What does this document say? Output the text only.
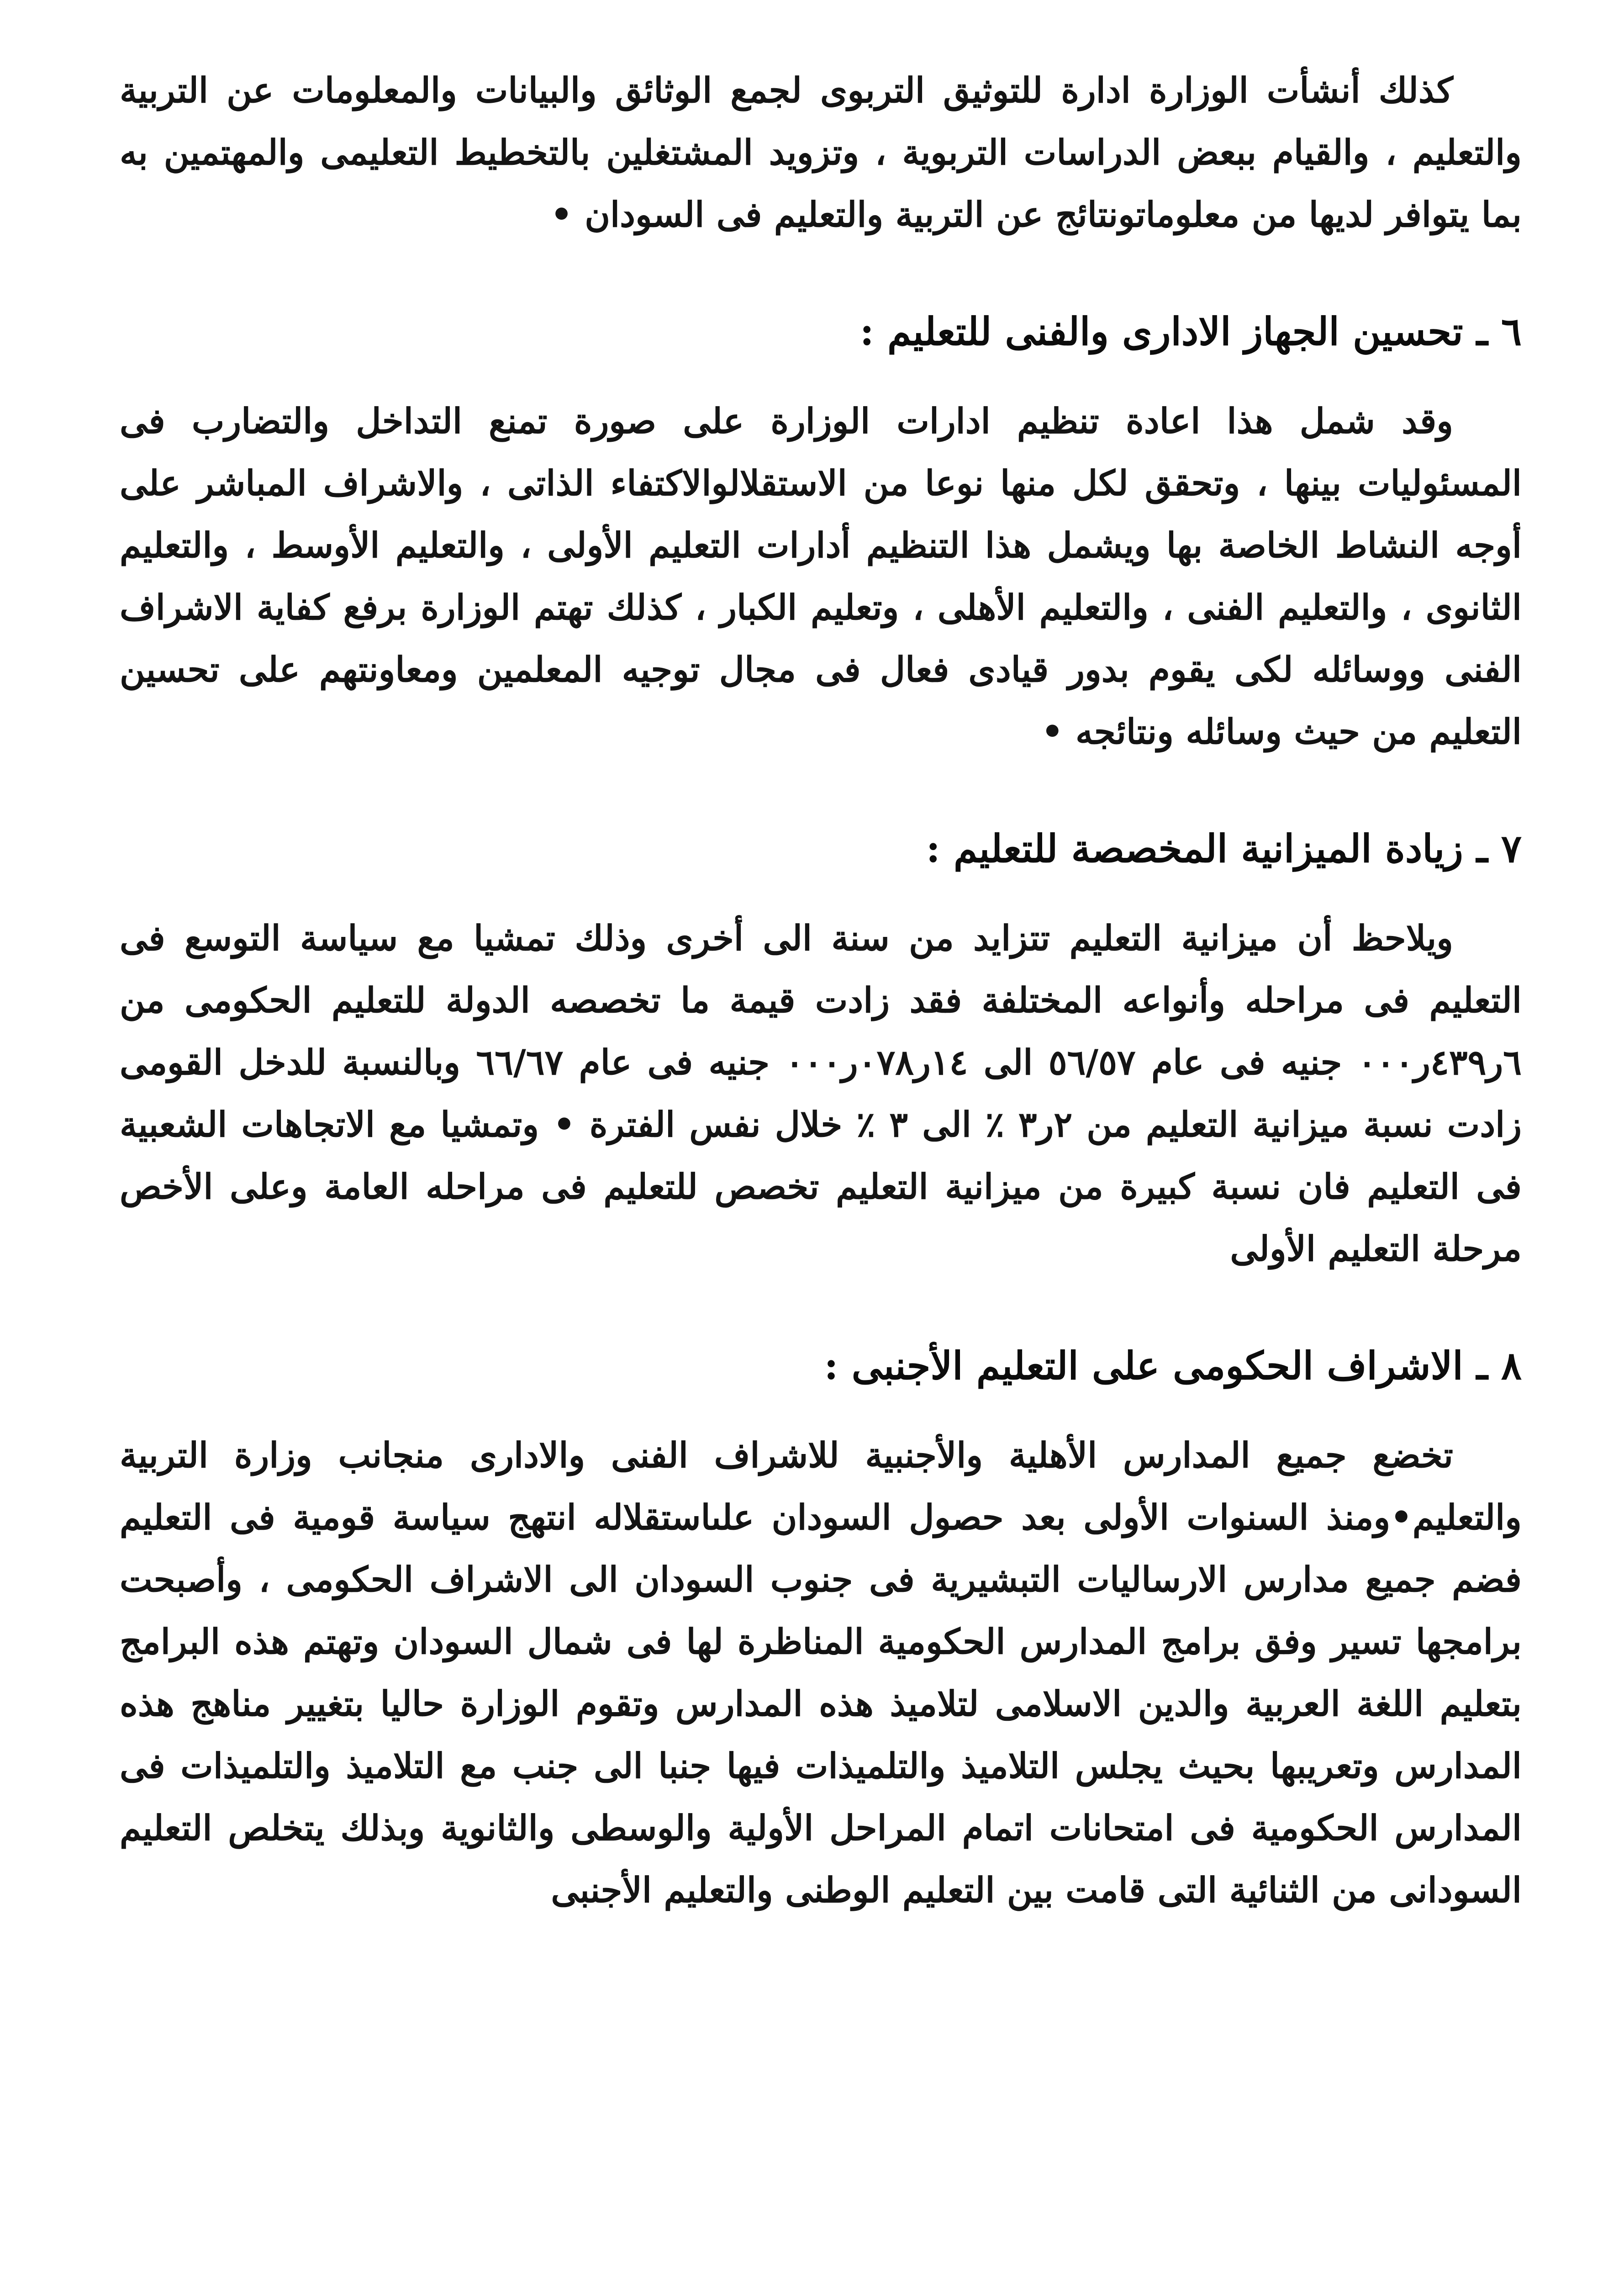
كذلك أنشأت الوزارة ادارة للتوثيق التربوى لجمع الوثائق والبيانات والمعلومات عن التربية والتعليم ، والقيام ببعض الدراسات التربوية ، وتزويد المشتغلين بالتخطيط التعليمى والمهتمين به بما يتوافر لديها من معلوماتونتائج عن التربية والتعليم فى السودان •

٦ ـ تحسين الجهاز الادارى والفنى للتعليم :

وقد شمل هذا اعادة تنظيم ادارات الوزارة على صورة تمنع التداخل والتضارب فى المسئوليات بينها ، وتحقق لكل منها نوعا من الاستقلالوالاكتفاء الذاتى ، والاشراف المباشر على أوجه النشاط الخاصة بها ويشمل هذا التنظيم أدارات التعليم الأولى ، والتعليم الأوسط ، والتعليم الثانوى ، والتعليم الفنى ، والتعليم الأهلى ، وتعليم الكبار ، كذلك تهتم الوزارة برفع كفاية الاشراف الفنى ووسائله لكى يقوم بدور قيادى فعال فى مجال توجيه المعلمين ومعاونتهم على تحسين التعليم من حيث وسائله ونتائجه •

٧ ـ زيادة الميزانية المخصصة للتعليم :

ويلاحظ أن ميزانية التعليم تتزايد من سنة الى أخرى وذلك تمشيا مع سياسة التوسع فى التعليم فى مراحله وأنواعه المختلفة فقد زادت قيمة ما تخصصه الدولة للتعليم الحكومى من ٦ر٤٣٩ر٠٠٠ جنيه فى عام ٥٦/٥٧ الى ١٤ر٠٧٨ر٠٠٠ جنيه فى عام ٦٦/٦٧ وبالنسبة للدخل القومى زادت نسبة ميزانية التعليم من ٢ر٣ ٪ الى ٣ ٪ خلال نفس الفترة • وتمشيا مع الاتجاهات الشعبية فى التعليم فان نسبة كبيرة من ميزانية التعليم تخصص للتعليم فى مراحله العامة وعلى الأخص مرحلة التعليم الأولى

٨ ـ الاشراف الحكومى على التعليم الأجنبى :

تخضع جميع المدارس الأهلية والأجنبية للاشراف الفنى والادارى منجانب وزارة التربية والتعليم•ومنذ السنوات الأولى بعد حصول السودان علىاستقلاله انتهج سياسة قومية فى التعليم فضم جميع مدارس الارساليات التبشيرية فى جنوب السودان الى الاشراف الحكومى ، وأصبحت برامجها تسير وفق برامج المدارس الحكومية المناظرة لها فى شمال السودان وتهتم هذه البرامج بتعليم اللغة العربية والدين الاسلامى لتلاميذ هذه المدارس وتقوم الوزارة حاليا بتغيير مناهج هذه المدارس وتعريبها بحيث يجلس التلاميذ والتلميذات فيها جنبا الى جنب مع التلاميذ والتلميذات فى المدارس الحكومية فى امتحانات اتمام المراحل الأولية والوسطى والثانوية وبذلك يتخلص التعليم السودانى من الثنائية التى قامت بين التعليم الوطنى والتعليم الأجنبى
